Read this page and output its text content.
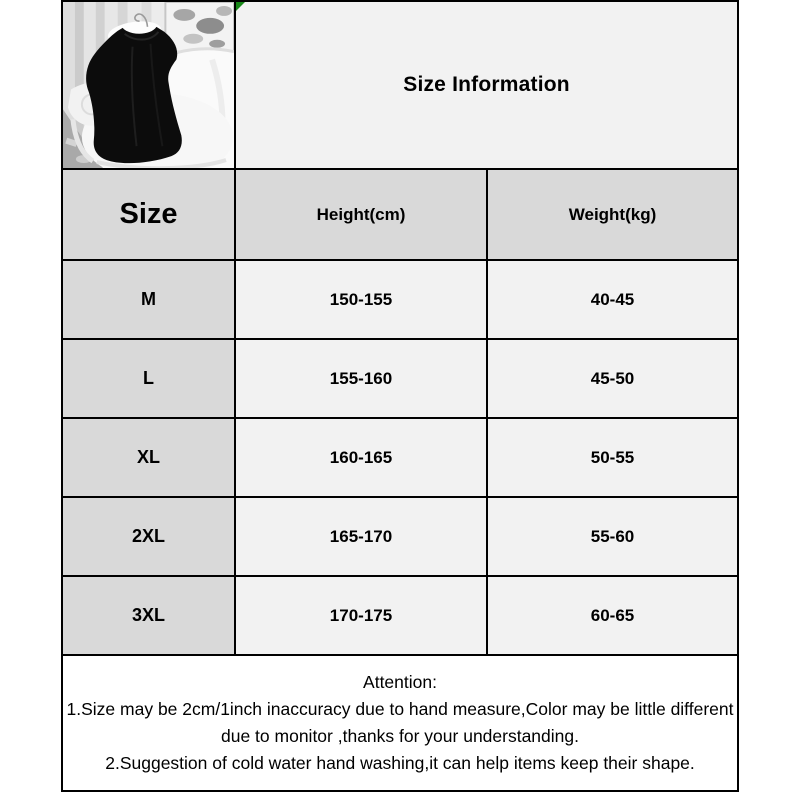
Size Information	
Size	Height(cm)	Weight(kg)
M	150-155	40-45
L	155-160	45-50
XL	160-165	50-55
2XL	165-170	55-60
3XL	170-175	60-65

Attention:
1.Size may be 2cm/1inch inaccuracy due to hand measure,Color may be little different due to monitor ,thanks for your understanding.
2.Suggestion of cold water hand washing,it can help items keep their shape.		
